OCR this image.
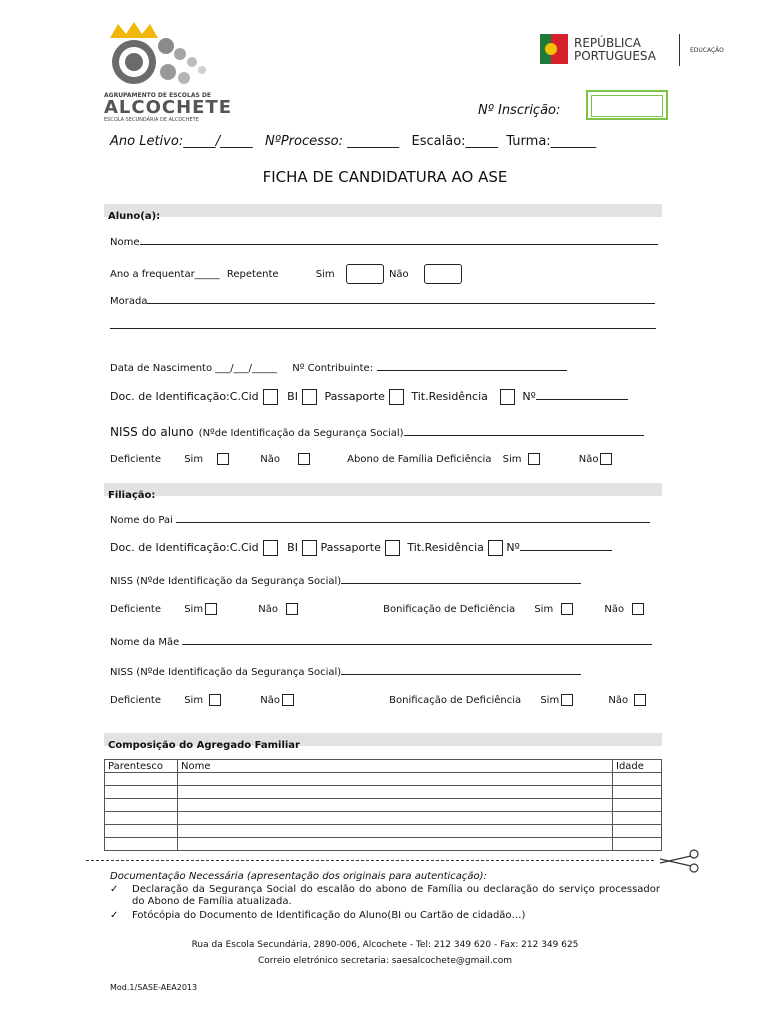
AGRUPAMENTO DE ESCOLAS DE
ALCOCHETE
ESCOLA SECUNDÁRIA DE ALCOCHETE
REPÚBLICA
PORTUGUESA	EDUCAÇÃO
Nº Inscrição:
Ano Letivo:_____/_____ NºProcesso: ________ Escalão:_____ Turma:_______
FICHA DE CANDIDATURA AO ASE
Aluno(a):
Nome
Ano a frequentar_____ Repetente	Sim	Não
Morada
Data de Nascimento ___/___/_____ Nº Contribuinte:
Doc. de Identificação:C.Cid	BI Passaporte Tit.Residência	Nº
NISS do aluno (Nºde Identificação da Segurança Social)
Deficiente Sim	Não	Abono de Família Deficiência Sim	Não
Filiação:
Nome do Pai
Doc. de Identificação:C.Cid	BI Passaporte Tit.Residência Nº
NISS (Nºde Identificação da Segurança Social)
Deficiente Sim	Não	Bonificação de Deficiência Sim	Não
Nome da Mãe
NISS (Nºde Identificação da Segurança Social)
Deficiente Sim	Não	Bonificação de Deficiência Sim	Não
Composição do Agregado Familiar
Parentesco	Nome	Idade

Documentação Necessária (apresentação dos originais para autenticação):
✓ Declaração da Segurança Social do escalão do abono de Família ou declaração do serviço processador do Abono de Família atualizada.
✓ Fotócópia do Documento de Identificação do Aluno(BI ou Cartão de cidadão…)
Rua da Escola Secundária, 2890-006, Alcochete - Tel: 212 349 620 - Fax: 212 349 625
Correio eletrónico secretaria: saesalcochete@gmail.com
Mod.1/SASE-AEA2013
